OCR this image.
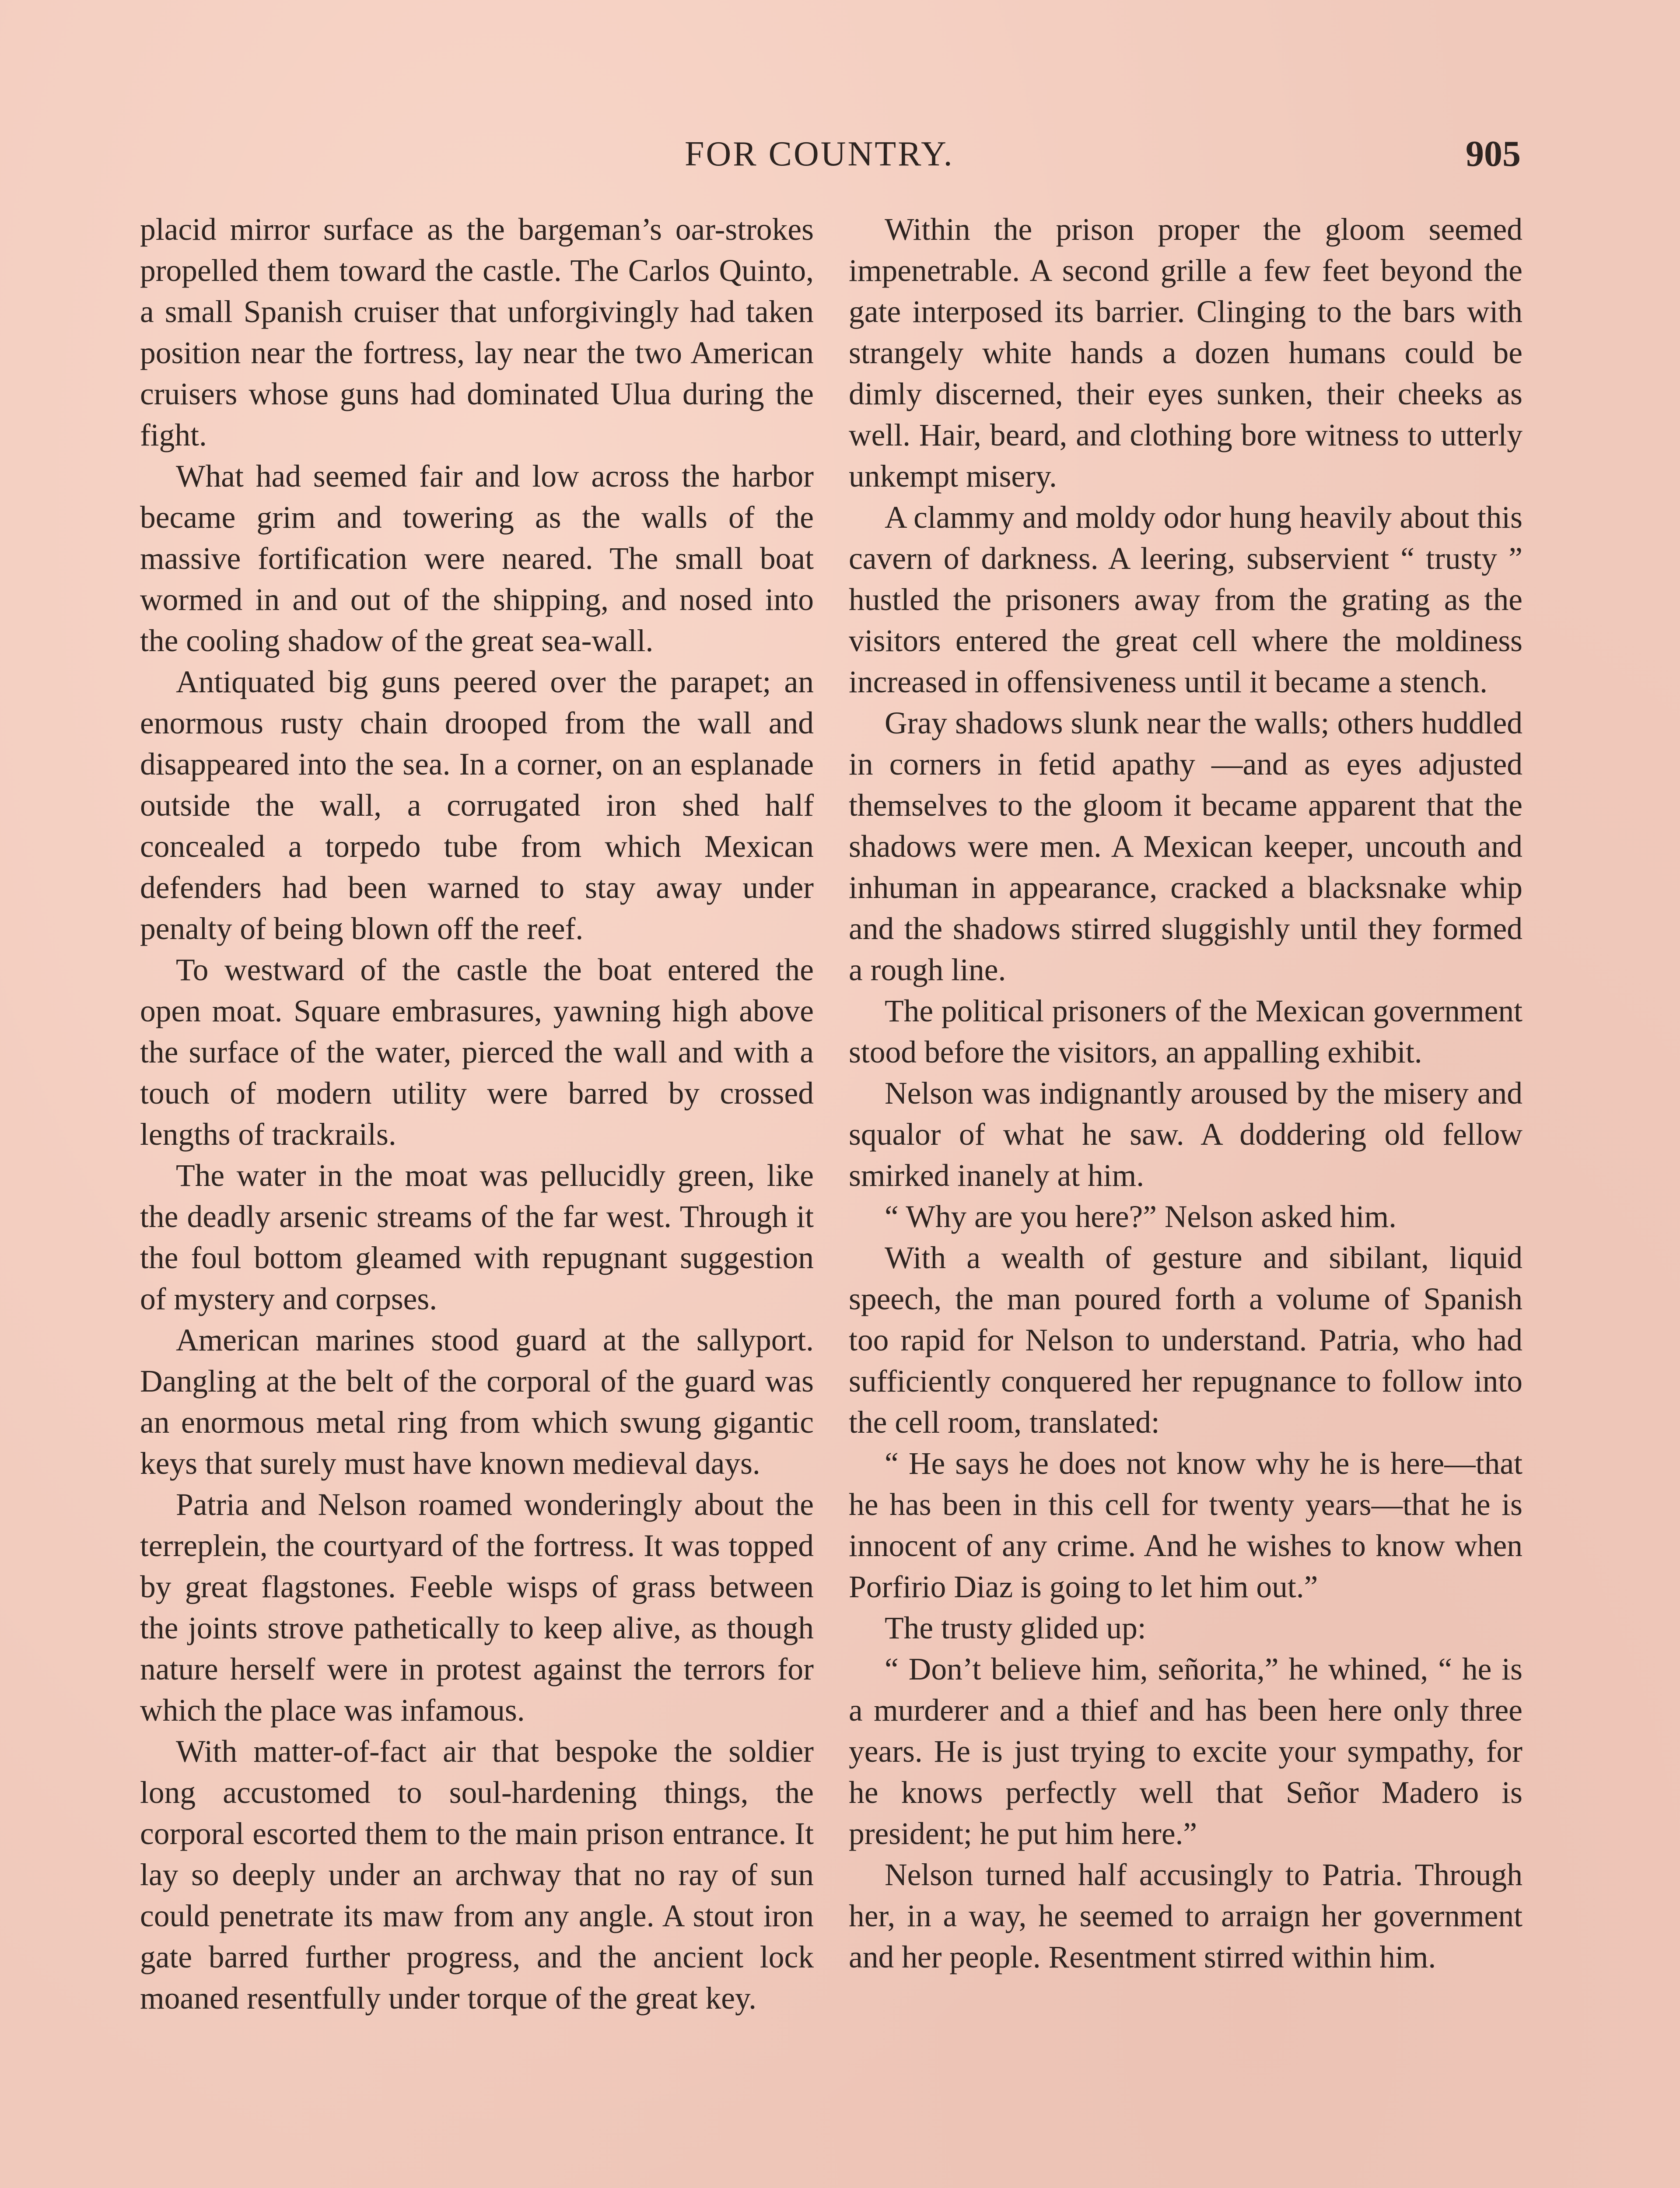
FOR COUNTRY.	905

placid mirror surface as the bargeman’s oar-strokes propelled them toward the castle. The Carlos Quinto, a small Spanish cruiser that unforgivingly had taken position near the fortress, lay near the two American cruisers whose guns had dominated Ulua during the fight.

What had seemed fair and low across the harbor became grim and towering as the walls of the massive fortification were neared. The small boat wormed in and out of the shipping, and nosed into the cooling shadow of the great sea-wall.

Antiquated big guns peered over the parapet; an enormous rusty chain drooped from the wall and disappeared into the sea. In a corner, on an esplanade outside the wall, a corrugated iron shed half concealed a torpedo tube from which Mexican defenders had been warned to stay away under penalty of being blown off the reef.

To westward of the castle the boat entered the open moat. Square embrasures, yawning high above the surface of the water, pierced the wall and with a touch of modern utility were barred by crossed lengths of trackrails.

The water in the moat was pellucidly green, like the deadly arsenic streams of the far west. Through it the foul bottom gleamed with repugnant suggestion of mystery and corpses.

American marines stood guard at the sallyport. Dangling at the belt of the corporal of the guard was an enormous metal ring from which swung gigantic keys that surely must have known medieval days.

Patria and Nelson roamed wonderingly about the terreplein, the courtyard of the fortress. It was topped by great flagstones. Feeble wisps of grass between the joints strove pathetically to keep alive, as though nature herself were in protest against the terrors for which the place was infamous.

With matter-of-fact air that bespoke the soldier long accustomed to soul-hardening things, the corporal escorted them to the main prison entrance. It lay so deeply under an archway that no ray of sun could penetrate its maw from any angle. A stout iron gate barred further progress, and the ancient lock moaned resentfully under torque of the great key.

Within the prison proper the gloom seemed impenetrable. A second grille a few feet beyond the gate interposed its barrier. Clinging to the bars with strangely white hands a dozen humans could be dimly discerned, their eyes sunken, their cheeks as well. Hair, beard, and clothing bore witness to utterly unkempt misery.

A clammy and moldy odor hung heavily about this cavern of darkness. A leering, subservient “ trusty ” hustled the prisoners away from the grating as the visitors entered the great cell where the moldiness increased in offensiveness until it became a stench.

Gray shadows slunk near the walls; others huddled in corners in fetid apathy —and as eyes adjusted themselves to the gloom it became apparent that the shadows were men. A Mexican keeper, uncouth and inhuman in appearance, cracked a blacksnake whip and the shadows stirred sluggishly until they formed a rough line.

The political prisoners of the Mexican government stood before the visitors, an appalling exhibit.

Nelson was indignantly aroused by the misery and squalor of what he saw. A doddering old fellow smirked inanely at him.

“ Why are you here?” Nelson asked him.

With a wealth of gesture and sibilant, liquid speech, the man poured forth a volume of Spanish too rapid for Nelson to understand. Patria, who had sufficiently conquered her repugnance to follow into the cell room, translated:

“ He says he does not know why he is here—that he has been in this cell for twenty years—that he is innocent of any crime. And he wishes to know when Porfirio Diaz is going to let him out.”

The trusty glided up:

“ Don’t believe him, señorita,” he whined, “ he is a murderer and a thief and has been here only three years. He is just trying to excite your sympathy, for he knows perfectly well that Señor Madero is president; he put him here.”

Nelson turned half accusingly to Patria. Through her, in a way, he seemed to arraign her government and her people. Resentment stirred within him.
